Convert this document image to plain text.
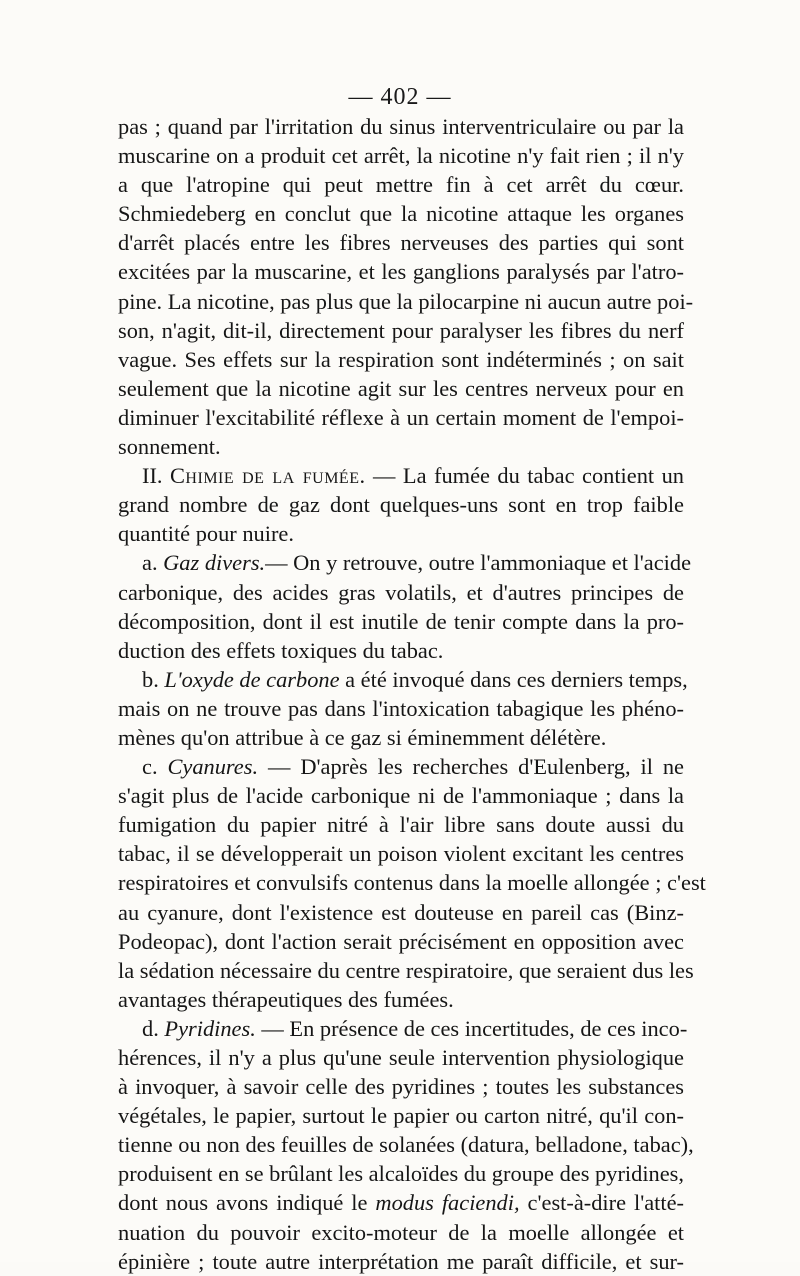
— 402 —
pas ; quand par l'irritation du sinus interventriculaire ou par la
muscarine on a produit cet arrêt, la nicotine n'y fait rien ; il n'y
a que l'atropine qui peut mettre fin à cet arrêt du cœur.
Schmiedeberg en conclut que la nicotine attaque les organes
d'arrêt placés entre les fibres nerveuses des parties qui sont
excitées par la muscarine, et les ganglions paralysés par l'atro-
pine. La nicotine, pas plus que la pilocarpine ni aucun autre poi-
son, n'agit, dit-il, directement pour paralyser les fibres du nerf
vague. Ses effets sur la respiration sont indéterminés ; on sait
seulement que la nicotine agit sur les centres nerveux pour en
diminuer l'excitabilité réflexe à un certain moment de l'empoi-
sonnement.
II. Chimie de la fumée. — La fumée du tabac contient un
grand nombre de gaz dont quelques-uns sont en trop faible
quantité pour nuire.
a. Gaz divers.— On y retrouve, outre l'ammoniaque et l'acide
carbonique, des acides gras volatils, et d'autres principes de
décomposition, dont il est inutile de tenir compte dans la pro-
duction des effets toxiques du tabac.
b. L'oxyde de carbone a été invoqué dans ces derniers temps,
mais on ne trouve pas dans l'intoxication tabagique les phéno-
mènes qu'on attribue à ce gaz si éminemment délétère.
c. Cyanures. — D'après les recherches d'Eulenberg, il ne
s'agit plus de l'acide carbonique ni de l'ammoniaque ; dans la
fumigation du papier nitré à l'air libre sans doute aussi du
tabac, il se développerait un poison violent excitant les centres
respiratoires et convulsifs contenus dans la moelle allongée ; c'est
au cyanure, dont l'existence est douteuse en pareil cas (Binz-
Podeopac), dont l'action serait précisément en opposition avec
la sédation nécessaire du centre respiratoire, que seraient dus les
avantages thérapeutiques des fumées.
d. Pyridines. — En présence de ces incertitudes, de ces inco-
hérences, il n'y a plus qu'une seule intervention physiologique
à invoquer, à savoir celle des pyridines ; toutes les substances
végétales, le papier, surtout le papier ou carton nitré, qu'il con-
tienne ou non des feuilles de solanées (datura, belladone, tabac),
produisent en se brûlant les alcaloïdes du groupe des pyridines,
dont nous avons indiqué le modus faciendi, c'est-à-dire l'atté-
nuation du pouvoir excito-moteur de la moelle allongée et
épinière ; toute autre interprétation me paraît difficile, et sur-
